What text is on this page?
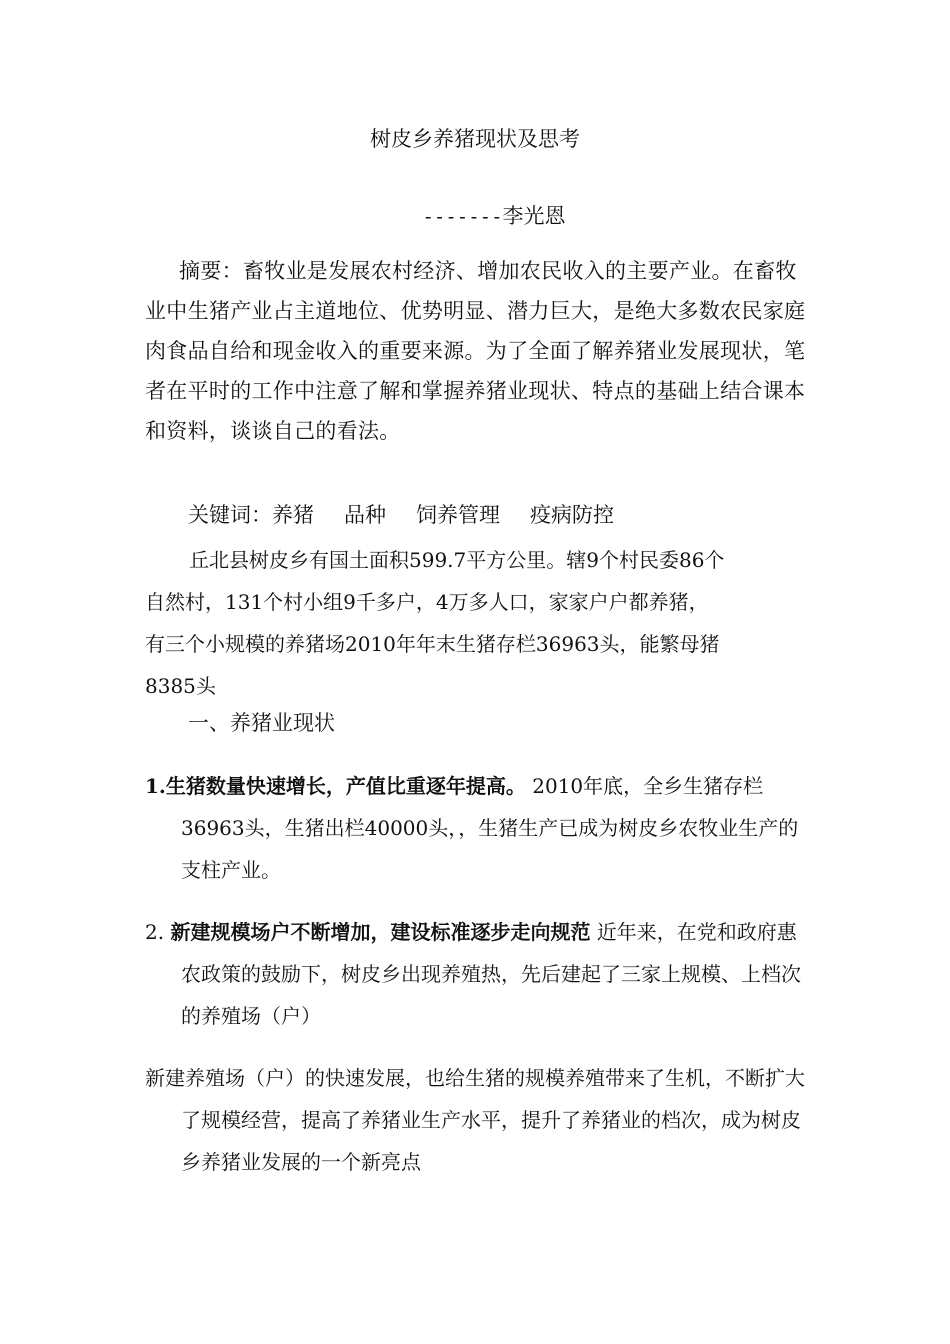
树皮乡养猪现状及思考
-------李光恩
摘要：畜牧业是发展农村经济、增加农民收入的主要产业。在畜牧业中生猪产业占主道地位、优势明显、潜力巨大，是绝大多数农民家庭肉食品自给和现金收入的重要来源。为了全面了解养猪业发展现状，笔者在平时的工作中注意了解和掌握养猪业现状、特点的基础上结合课本和资料，谈谈自己的看法。
关键词：养猪 品种 饲养管理 疫病防控
丘北县树皮乡有国土面积599.7平方公里。辖9个村民委86个
自然村，131个村小组9千多户，4万多人口，家家户户都养猪，
有三个小规模的养猪场2010年年末生猪存栏36963头，能繁母猪
8385头
一、养猪业现状
1.生猪数量快速增长，产值比重逐年提高。 2010年底，全乡生猪存栏36963头，生猪出栏40000头，，生猪生产已成为树皮乡农牧业生产的支柱产业。
2. 新建规模场户不断增加，建设标准逐步走向规范 近年来，在党和政府惠农政策的鼓励下，树皮乡出现养殖热，先后建起了三家上规模、上档次的养殖场（户）
新建养殖场（户）的快速发展，也给生猪的规模养殖带来了生机，不断扩大了规模经营，提高了养猪业生产水平，提升了养猪业的档次，成为树皮乡养猪业发展的一个新亮点
